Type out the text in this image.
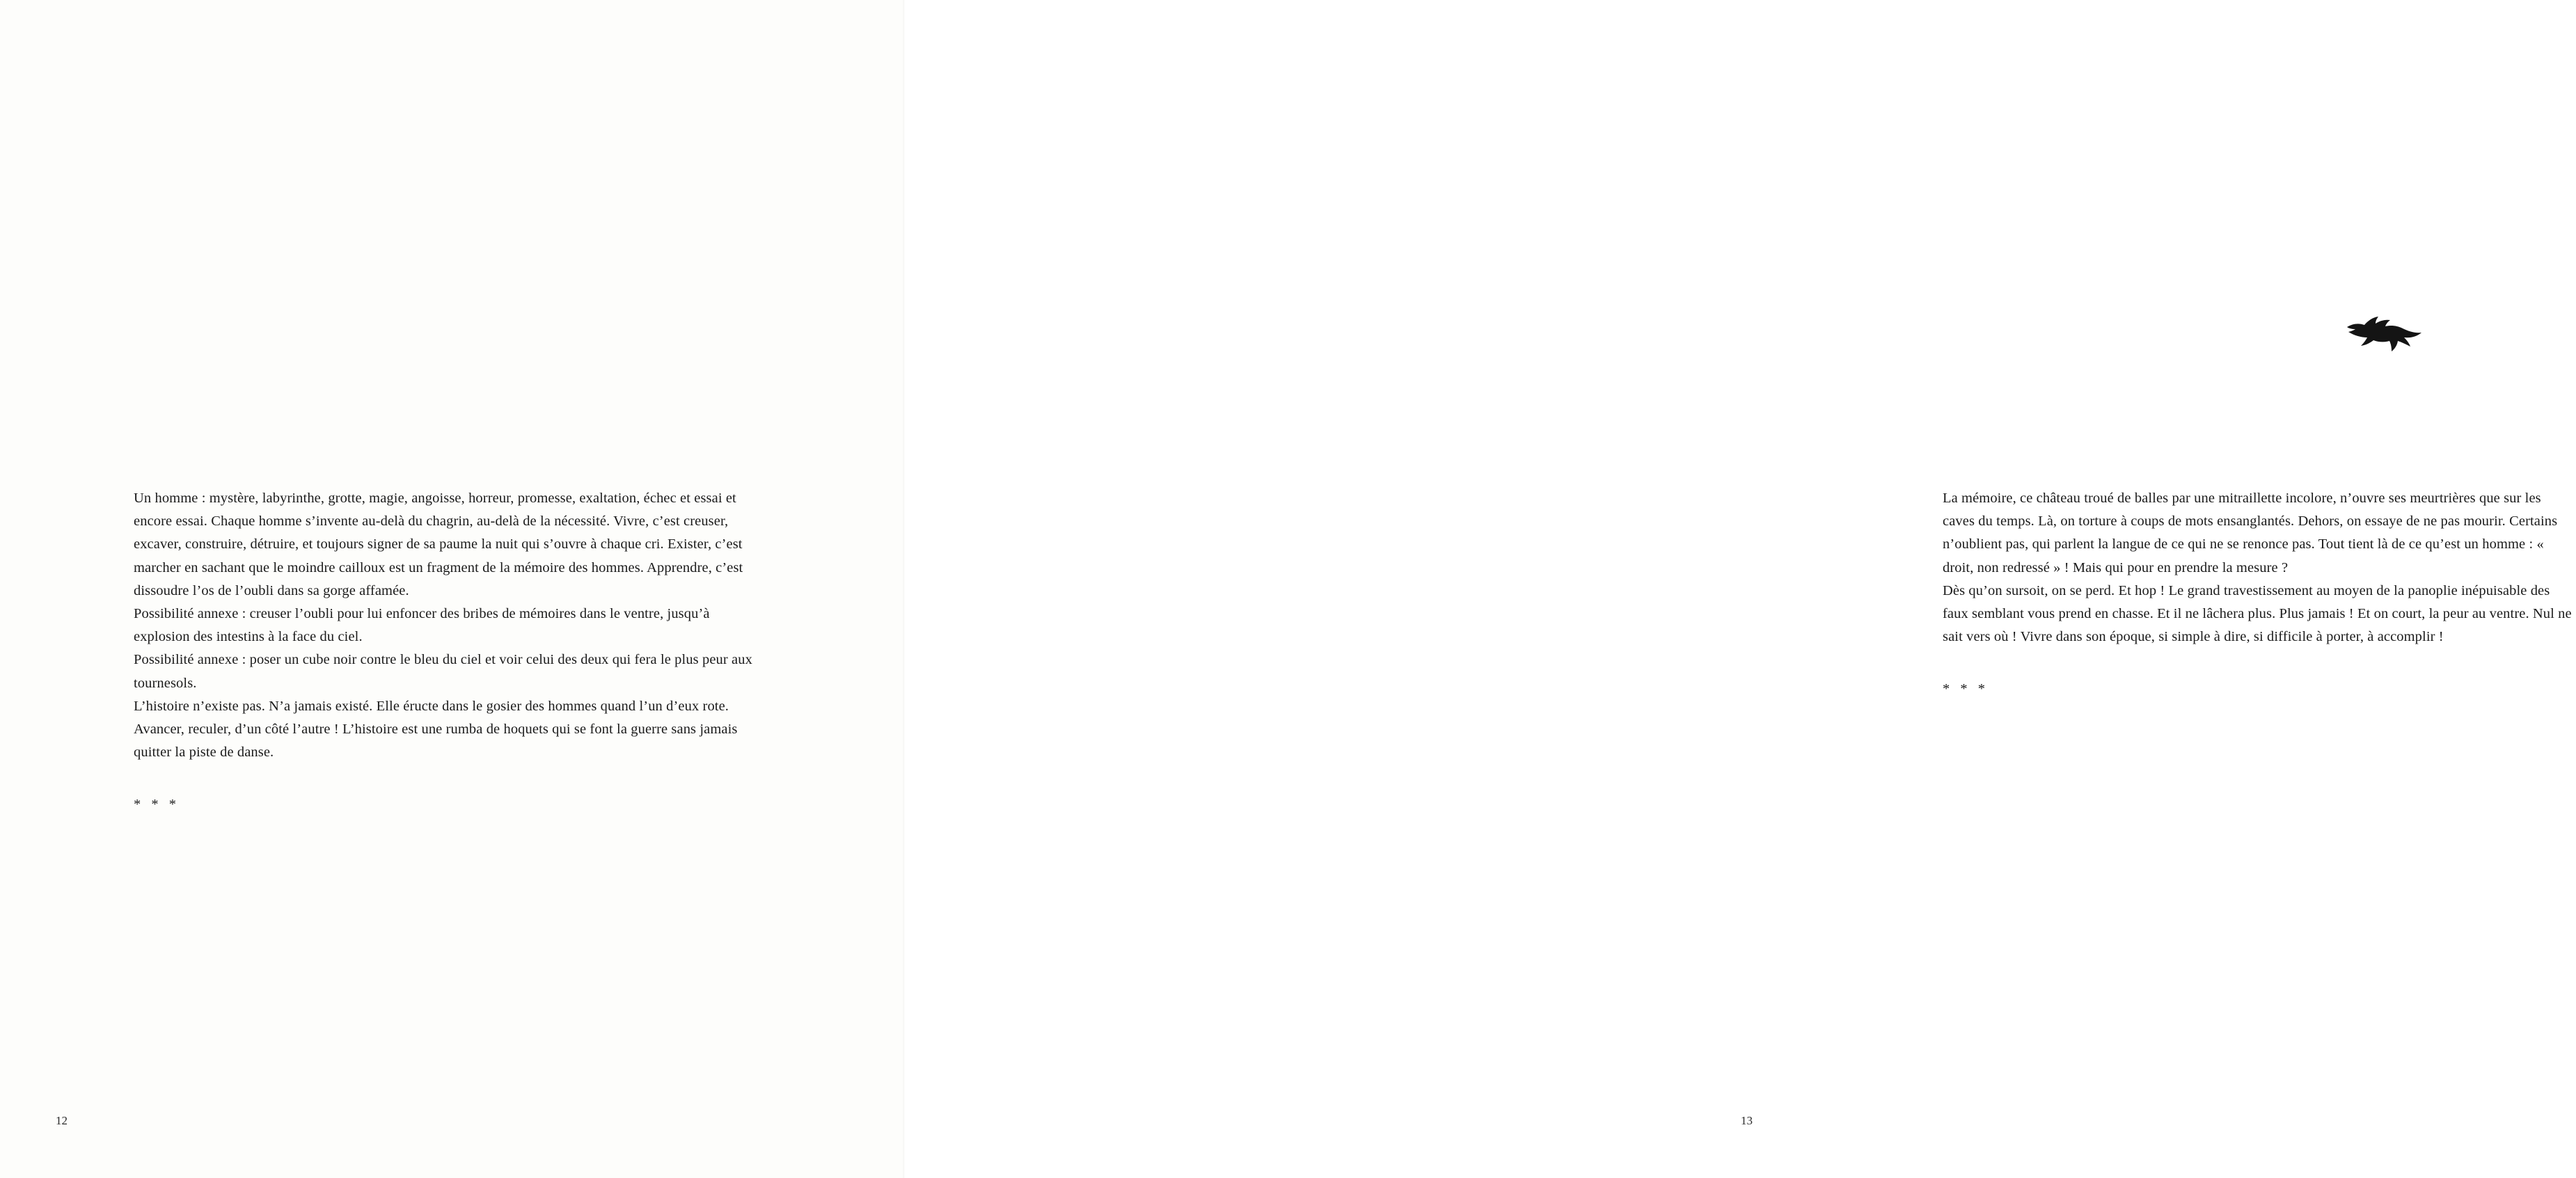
Un homme : mystère, labyrinthe, grotte, magie, angoisse, horreur, promesse, exaltation, échec et essai et encore essai. Chaque homme s’invente au-delà du chagrin, au-delà de la nécessité. Vivre, c’est creuser, excaver, construire, détruire, et toujours signer de sa paume la nuit qui s’ouvre à chaque cri. Exister, c’est marcher en sachant que le moindre cailloux est un fragment de la mémoire des hommes. Apprendre, c’est dissoudre l’os de l’oubli dans sa gorge affamée.

Possibilité annexe : creuser l’oubli pour lui enfoncer des bribes de mémoires dans le ventre, jusqu’à explosion des intestins à la face du ciel.

Possibilité annexe : poser un cube noir contre le bleu du ciel et voir celui des deux qui fera le plus peur aux tournesols.

L’histoire n’existe pas. N’a jamais existé. Elle éructe dans le gosier des hommes quand l’un d’eux rote. Avancer, reculer, d’un côté l’autre ! L’histoire est une rumba de hoquets qui se font la guerre sans jamais quitter la piste de danse.

* * *

12

La mémoire, ce château troué de balles par une mitraillette incolore, n’ouvre ses meurtrières que sur les caves du temps. Là, on torture à coups de mots ensanglantés. Dehors, on essaye de ne pas mourir. Certains n’oublient pas, qui parlent la langue de ce qui ne se renonce pas. Tout tient là de ce qu’est un homme : « droit, non redressé » ! Mais qui pour en prendre la mesure ?

Dès qu’on sursoit, on se perd. Et hop ! Le grand travestissement au moyen de la panoplie inépuisable des faux semblant vous prend en chasse. Et il ne lâchera plus. Plus jamais ! Et on court, la peur au ventre. Nul ne sait vers où ! Vivre dans son époque, si simple à dire, si difficile à porter, à accomplir !

* * *

13
